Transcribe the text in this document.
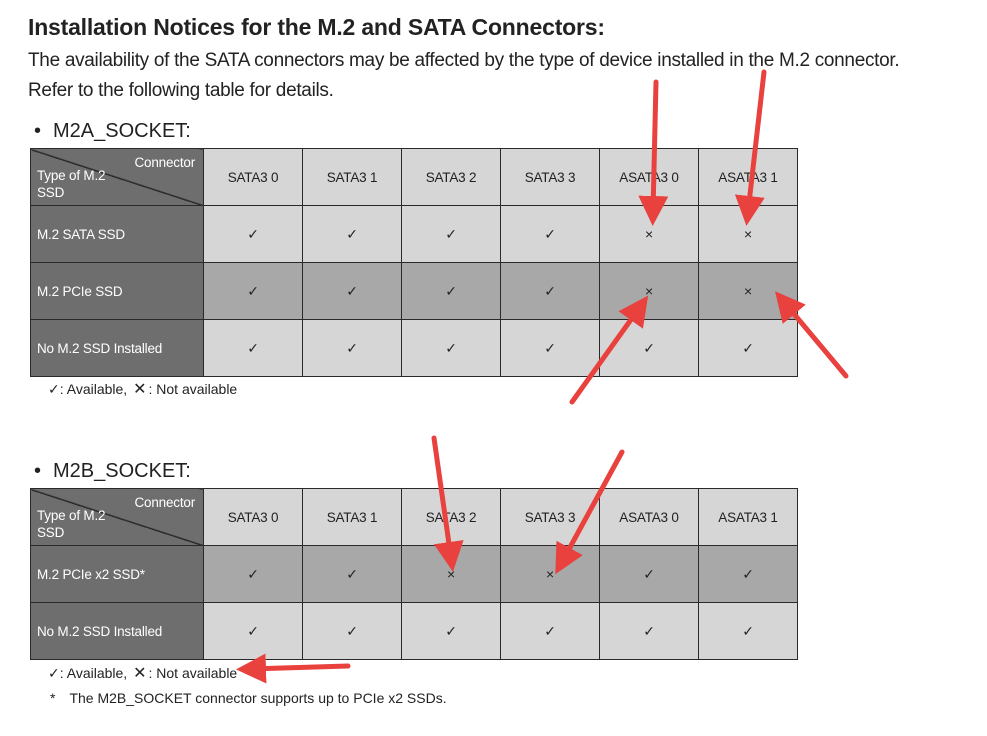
Installation Notices for the M.2 and SATA Connectors:
The availability of the SATA connectors may be affected by the type of device installed in the M.2 connector.
Refer to the following table for details.
• M2A_SOCKET:
Connector
Type of M.2 SSD	SATA3 0	SATA3 1	SATA3 2	SATA3 3	ASATA3 0	ASATA3 1
M.2 SATA SSD	✓	✓	✓	✓	×	×
M.2 PCIe SSD	✓	✓	✓	✓	×	×
No M.2 SSD Installed	✓	✓	✓	✓	✓	✓
✓: Available, ✕ : Not available
• M2B_SOCKET:
Connector
Type of M.2 SSD	SATA3 0	SATA3 1	SATA3 2	SATA3 3	ASATA3 0	ASATA3 1
M.2 PCIe x2 SSD*	✓	✓	×	×	✓	✓
No M.2 SSD Installed	✓	✓	✓	✓	✓	✓
✓: Available, ✕ : Not available
* The M2B_SOCKET connector supports up to PCIe x2 SSDs.
